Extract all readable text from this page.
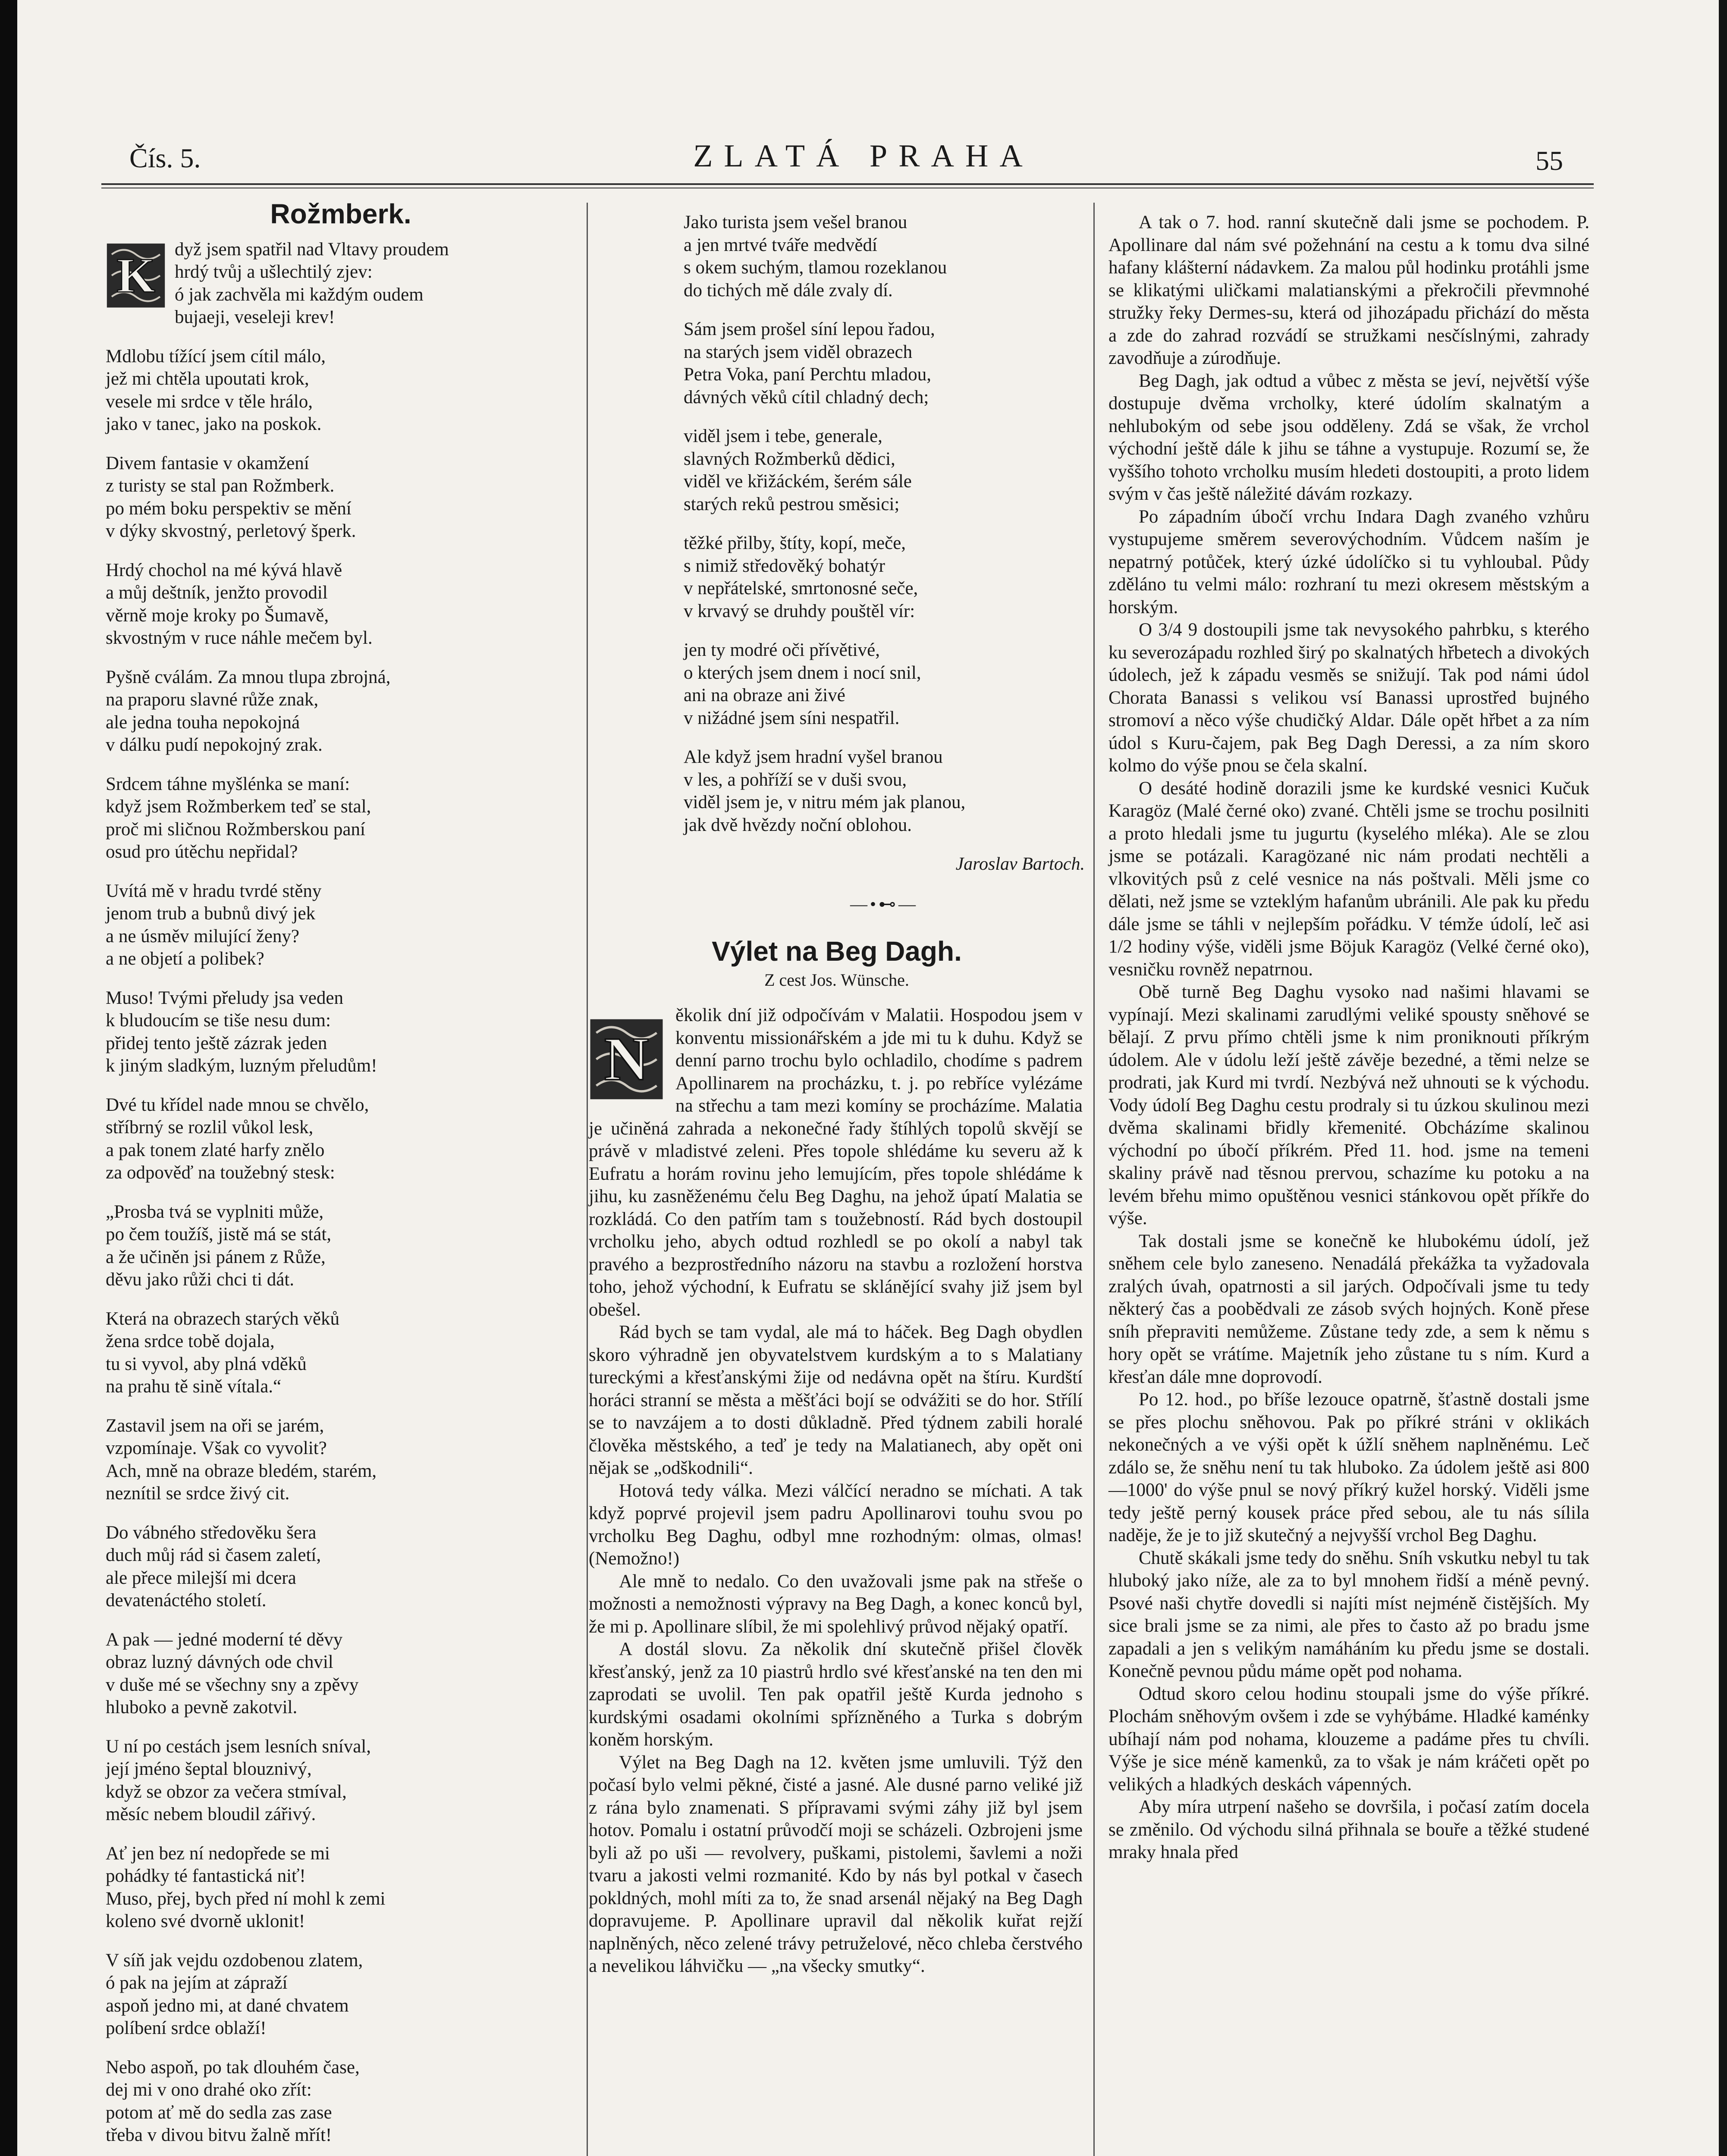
Čís. 5.	ZLATÁ PRAHA	55
Rožmberk.
K	dyž jsem spatřil nad Vltavy proudem
hrdý tvůj a ušlechtilý zjev:
ó jak zachvěla mi každým oudem
bujaeji, veseleji krev!
Mdlobu tížící jsem cítil málo,
jež mi chtěla upoutati krok,
vesele mi srdce v těle hrálo,
jako v tanec, jako na poskok.
Divem fantasie v okamžení
z turisty se stal pan Rožmberk.
po mém boku perspektiv se mění
v dýky skvostný, perletový šperk.
Hrdý chochol na mé kývá hlavě
a můj deštník, jenžto provodil
věrně moje kroky po Šumavě,
skvostným v ruce náhle mečem byl.
Pyšně cválám. Za mnou tlupa zbrojná,
na praporu slavné růže znak,
ale jedna touha nepokojná
v dálku pudí nepokojný zrak.
Srdcem táhne myšlénka se maní:
když jsem Rožmberkem teď se stal,
proč mi sličnou Rožmberskou paní
osud pro útěchu nepřidal?
Uvítá mě v hradu tvrdé stěny
jenom trub a bubnů divý jek
a ne úsměv milující ženy?
a ne objetí a polibek?
Muso! Tvými přeludy jsa veden
k bludoucím se tiše nesu dum:
přidej tento ještě zázrak jeden
k jiným sladkým, luzným přeludům!
Dvé tu křídel nade mnou se chvělo,
stříbrný se rozlil vůkol lesk,
a pak tonem zlaté harfy znělo
za odpověď na toužebný stesk:
„Prosba tvá se vyplniti může,
po čem toužíš, jistě má se stát,
a že učiněn jsi pánem z Růže,
děvu jako růži chci ti dát.
Která na obrazech starých věků
žena srdce tobě dojala,
tu si vyvol, aby plná vděků
na prahu tě sině vítala.“
Zastavil jsem na oři se jarém,
vzpomínaje. Však co vyvolit?
Ach, mně na obraze bledém, starém,
neznítil se srdce živý cit.
Do vábného středověku šera
duch můj rád si časem zaletí,
ale přece milejší mi dcera
devatenáctého století.
A pak — jedné moderní té děvy
obraz luzný dávných ode chvil
v duše mé se všechny sny a zpěvy
hluboko a pevně zakotvil.
U ní po cestách jsem lesních sníval,
její jméno šeptal blouznivý,
když se obzor za večera stmíval,
měsíc nebem bloudil zářivý.
Ať jen bez ní nedopřede se mi
pohádky té fantastická niť!
Muso, přej, bych před ní mohl k zemi
koleno své dvorně uklonit!
V síň jak vejdu ozdobenou zlatem,
ó pak na jejím at zápraží
aspoň jedno mi, at dané chvatem
políbení srdce oblaží!
Nebo aspoň, po tak dlouhém čase,
dej mi v ono drahé oko zřít:
potom ať mě do sedla zas zase
třeba v divou bitvu žalně mřít!
Jako turista jsem vešel branou
a jen mrtvé tváře medvědí
s okem suchým, tlamou rozeklanou
do tichých mě dále zvaly dí.
Sám jsem prošel síní lepou řadou,
na starých jsem viděl obrazech
Petra Voka, paní Perchtu mladou,
dávných věků cítil chladný dech;
viděl jsem i tebe, generale,
slavných Rožmberků dědici,
viděl ve křižáckém, šerém sále
starých reků pestrou směsici;
těžké přilby, štíty, kopí, meče,
s nimiž středověký bohatýr
v nepřátelské, smrtonosné seče,
v krvavý se druhdy pouštěl vír:
jen ty modré oči přívětivé,
o kterých jsem dnem i nocí snil,
ani na obraze ani živé
v nižádné jsem síni nespatřil.
Ale když jsem hradní vyšel branou
v les, a pohříží se v duši svou,
viděl jsem je, v nitru mém jak planou,
jak dvě hvězdy noční oblohou.
Jaroslav Bartoch.
—•⊷—
Výlet na Beg Dagh.
Z cest Jos. Wünsche.

N
ěkolik dní již odpočívám v Malatii. Hospodou jsem v konventu missionářském a jde mi tu k duhu. Když se denní parno trochu bylo ochladilo, chodíme s padrem Apollinarem na procházku, t. j. po rebříce vylézáme na střechu a tam mezi komíny se procházíme. Malatia je učiněná zahrada a nekonečné řady štíhlých topolů skvějí se právě v mladistvé zeleni. Přes topole shlédáme ku severu až k Eufratu a horám rovinu jeho lemujícím, přes topole shlédáme k jihu, ku zasněženému čelu Beg Daghu, na jehož úpatí Malatia se rozkládá. Co den patřím tam s toužebností. Rád bych dostoupil vrcholku jeho, abych odtud rozhledl se po okolí a nabyl tak pravého a bezprostředního názoru na stavbu a rozložení horstva toho, jehož východní, k Eufratu se sklánějící svahy již jsem byl obešel.

Rád bych se tam vydal, ale má to háček. Beg Dagh obydlen skoro výhradně jen obyvatelstvem kurdským a to s Malatiany tureckými a křesťanskými žije od nedávna opět na štíru. Kurdští horáci stranní se města a měšťáci bojí se odvážiti se do hor. Střílí se to navzájem a to dosti důkladně. Před týdnem zabili horalé člověka městského, a teď je tedy na Malatianech, aby opět oni nějak se „odškodnili“.

Hotová tedy válka. Mezi válčící neradno se míchati. A tak když poprvé projevil jsem padru Apollinarovi touhu svou po vrcholku Beg Daghu, odbyl mne rozhodným: olmas, olmas! (Nemožno!)

Ale mně to nedalo. Co den uvažovali jsme pak na střeše o možnosti a nemožnosti výpravy na Beg Dagh, a konec konců byl, že mi p. Apollinare slíbil, že mi spolehlivý průvod nějaký opatří.

A dostál slovu. Za několik dní skutečně přišel člověk křesťanský, jenž za 10 piastrů hrdlo své křesťanské na ten den mi zaprodati se uvolil. Ten pak opatřil ještě Kurda jednoho s kurdskými osadami okolními spřízněného a Turka s dobrým koněm horským.

Výlet na Beg Dagh na 12. květen jsme umluvili. Týž den počasí bylo velmi pěkné, čisté a jasné. Ale dusné parno veliké již z rána bylo znamenati. S přípravami svými záhy již byl jsem hotov. Pomalu i ostatní průvodčí moji se scházeli. Ozbrojeni jsme byli až po uši — revolvery, puškami, pistolemi, šavlemi a noži tvaru a jakosti velmi rozmanité. Kdo by nás byl potkal v časech pokldných, mohl míti za to, že snad arsenál nějaký na Beg Dagh dopravujeme. P. Apollinare upravil dal několik kuřat rejží naplněných, něco zelené trávy petruželové, něco chleba čerstvého a nevelikou láhvičku — „na všecky smutky“.

A tak o 7. hod. ranní skutečně dali jsme se pochodem. P. Apollinare dal nám své požehnání na cestu a k tomu dva silné hafany klášterní nádavkem. Za malou půl hodinku protáhli jsme se klikatými uličkami malatianskými a překročili převmnohé stružky řeky Dermes-su, která od jihozápadu přichází do města a zde do zahrad rozvádí se stružkami nesčíslnými, zahrady zavodňuje a zúrodňuje.

Beg Dagh, jak odtud a vůbec z města se jeví, největší výše dostupuje dvěma vrcholky, které údolím skalnatým a nehlubokým od sebe jsou odděleny. Zdá se však, že vrchol východní ještě dále k jihu se táhne a vystupuje. Rozumí se, že vyššího tohoto vrcholku musím hledeti dostoupiti, a proto lidem svým v čas ještě náležité dávám rozkazy.

Po západním úbočí vrchu Indara Dagh zvaného vzhůru vystupujeme směrem severovýchodním. Vůdcem naším je nepatrný potůček, který úzké údolíčko si tu vyhloubal. Půdy zděláno tu velmi málo: rozhraní tu mezi okresem městským a horským.

O 3/4 9 dostoupili jsme tak nevysokého pahrbku, s kterého ku severozápadu rozhled širý po skalnatých hřbetech a divokých údolech, jež k západu vesměs se snižují. Tak pod námi údol Chorata Banassi s velikou vsí Banassi uprostřed bujného stromoví a něco výše chudičký Aldar. Dále opět hřbet a za ním údol s Kuru-čajem, pak Beg Dagh Deressi, a za ním skoro kolmo do výše pnou se čela skalní.

O desáté hodině dorazili jsme ke kurdské vesnici Kučuk Karagöz (Malé černé oko) zvané. Chtěli jsme se trochu posilniti a proto hledali jsme tu jugurtu (kyselého mléka). Ale se zlou jsme se potázali. Karagözané nic nám prodati nechtěli a vlkovitých psů z celé vesnice na nás poštvali. Měli jsme co dělati, než jsme se vzteklým hafanům ubránili. Ale pak ku předu dále jsme se táhli v nejlepším pořádku. V témže údolí, leč asi 1/2 hodiny výše, viděli jsme Böjuk Karagöz (Velké černé oko), vesničku rovněž nepatrnou.

Obě turně Beg Daghu vysoko nad našimi hlavami se vypínají. Mezi skalinami zarudlými veliké spousty sněhové se bělají. Z prvu přímo chtěli jsme k nim proniknouti příkrým údolem. Ale v údolu leží ještě závěje bezedné, a těmi nelze se prodrati, jak Kurd mi tvrdí. Nezbývá než uhnouti se k východu. Vody údolí Beg Daghu cestu prodraly si tu úzkou skulinou mezi dvěma skalinami břidly křemenité. Obcházíme skalinou východní po úbočí příkrém. Před 11. hod. jsme na temeni skaliny právě nad těsnou prervou, schazíme ku potoku a na levém břehu mimo opuštěnou vesnici stánkovou opět příkře do výše.

Tak dostali jsme se konečně ke hlubokému údolí, jež sněhem cele bylo zaneseno. Nenadálá překážka ta vyžadovala zralých úvah, opatrnosti a sil jarých. Odpočívali jsme tu tedy některý čas a poobědvali ze zásob svých hojných. Koně přese sníh přepraviti nemůžeme. Zůstane tedy zde, a sem k němu s hory opět se vrátíme. Majetník jeho zůstane tu s ním. Kurd a křesťan dále mne doprovodí.

Po 12. hod., po bříše lezouce opatrně, šťastně dostali jsme se přes plochu sněhovou. Pak po příkré stráni v oklikách nekonečných a ve výši opět k úžlí sněhem naplněnému. Leč zdálo se, že sněhu není tu tak hluboko. Za údolem ještě asi 800—1000' do výše pnul se nový příkrý kužel horský. Viděli jsme tedy ještě perný kousek práce před sebou, ale tu nás sílila naděje, že je to již skutečný a nejvyšší vrchol Beg Daghu.

Chutě skákali jsme tedy do sněhu. Sníh vskutku nebyl tu tak hluboký jako níže, ale za to byl mnohem řidší a méně pevný. Psové naši chytře dovedli si najíti míst nejméně čistějších. My sice brali jsme se za nimi, ale přes to často až po bradu jsme zapadali a jen s velikým namáháním ku předu jsme se dostali. Konečně pevnou půdu máme opět pod nohama.

Odtud skoro celou hodinu stoupali jsme do výše příkré. Plochám sněhovým ovšem i zde se vyhýbáme. Hladké kaménky ubíhají nám pod nohama, klouzeme a padáme přes tu chvíli. Výše je sice méně kamenků, za to však je nám kráčeti opět po velikých a hladkých deskách vápenných.

Aby míra utrpení našeho se dovršila, i počasí zatím docela se změnilo. Od východu silná přihnala se bouře a těžké studené mraky hnala před
